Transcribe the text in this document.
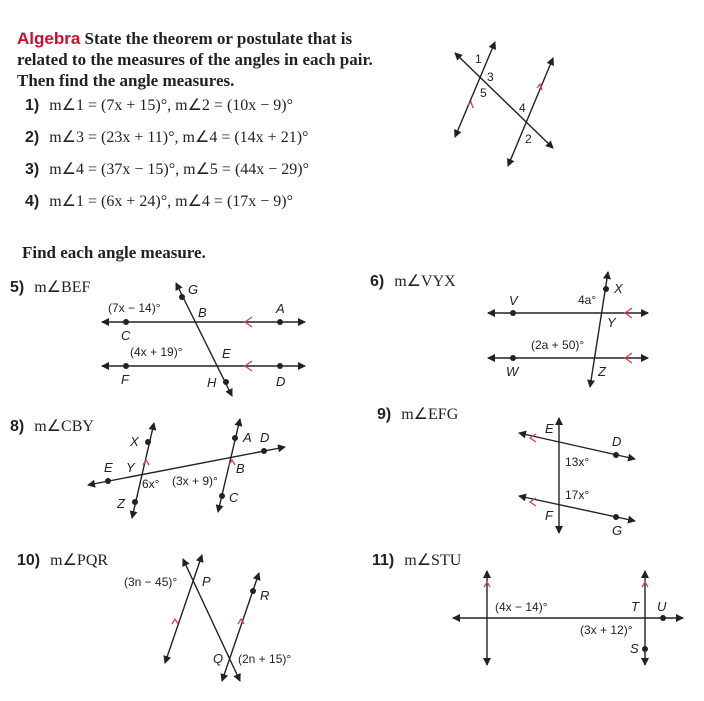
Algebra State the theorem or postulate that is related to the measures of the angles in each pair. Then find the angle measures.
1) m∠1 = (7x + 15)°, m∠2 = (10x − 9)°
2) m∠3 = (23x + 11)°, m∠4 = (14x + 21)°
3) m∠4 = (37x − 15)°, m∠5 = (44x − 29)°
4) m∠1 = (6x + 24)°, m∠4 = (17x − 9)°
Find each angle measure.
5) m∠BEF	6) m∠VYX
8) m∠CBY
9) m∠EFG
10) m∠PQR	11) m∠STU
1
3
5
4
2
(7x − 14)°
(4x + 19)°
G
B	A
C
E
F	H	D
4a°
(2a + 50)°
V
X
Y
W	Z
6x° (3x + 9)°
X	A D
E Y	B
Z	C
13x°
17x°
E
D
F
G
(3n − 45)°
(2n + 15)°
P
R
Q
(4x − 14)°
(3x + 12)°
T U
S
